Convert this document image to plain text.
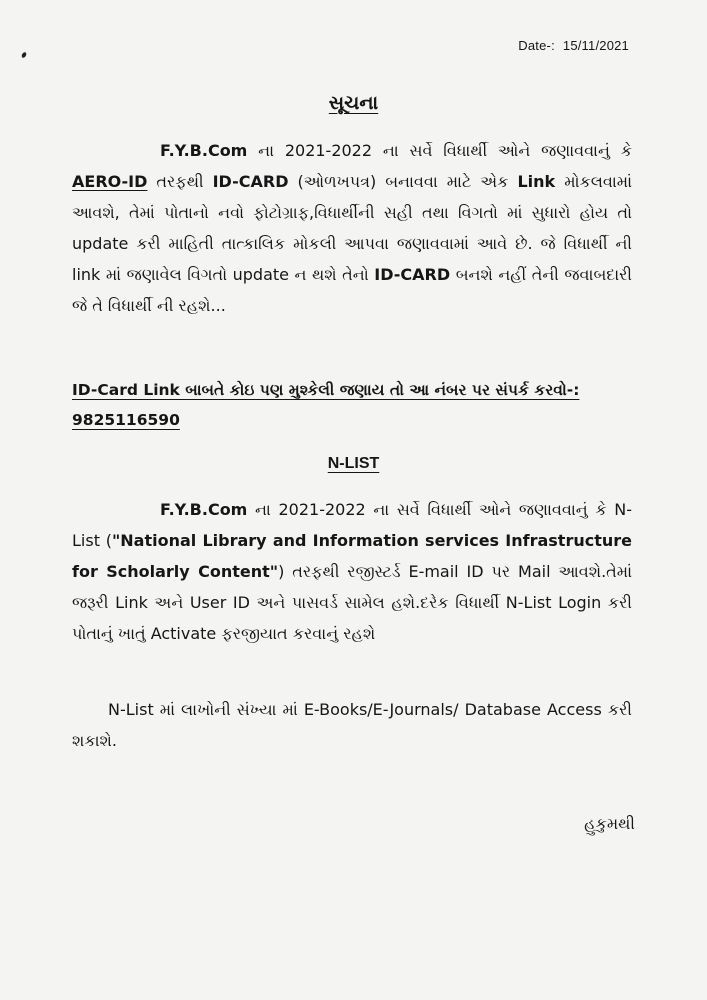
Date-: 15/11/2021
સૂચના

F.Y.B.Com ના 2021-2022 ના સર્વે વિધાર્થી ઓને જણાવવાનું કે AERO-ID તરફથી ID-CARD (ઓળખપત્ર) બનાવવા માટે એક Link મોકલવામાં આવશે, તેમાં પોતાનો નવો ફોટોગ્રાફ,વિધાર્થીની સહી તથા વિગતો માં સુધારો હોય તો update કરી માહિતી તાત્કાલિક મોકલી આપવા જણાવવામાં આવે છે. જે વિધાર્થી ની link માં જણાવેલ વિગતો update ન થશે તેનો ID-CARD બનશે નહીં તેની જવાબદારી જે તે વિધાર્થી ની રહશે...

ID-Card Link બાબતે કોઇ પણ મુશ્કેલી જણાય તો આ નંબર પર સંપર્ક કરવો-: 9825116590
N-LIST

F.Y.B.Com ના 2021-2022 ના સર્વે વિધાર્થી ઓને જણાવવાનું કે N-List ("National Library and Information services Infrastructure for Scholarly Content") તરફથી રજીસ્ટર્ડ E-mail ID પર Mail આવશે.તેમાં જરૂરી Link અને User ID અને પાસવર્ડ સામેલ હશે.દરેક વિધાર્થી N-List Login કરી પોતાનું ખાતું Activate ફરજીયાત કરવાનું રહશે

N-List માં લાખોની સંખ્યા માં E-Books/E-Journals/ Database Access કરી શકાશે.

હુકુમથી
